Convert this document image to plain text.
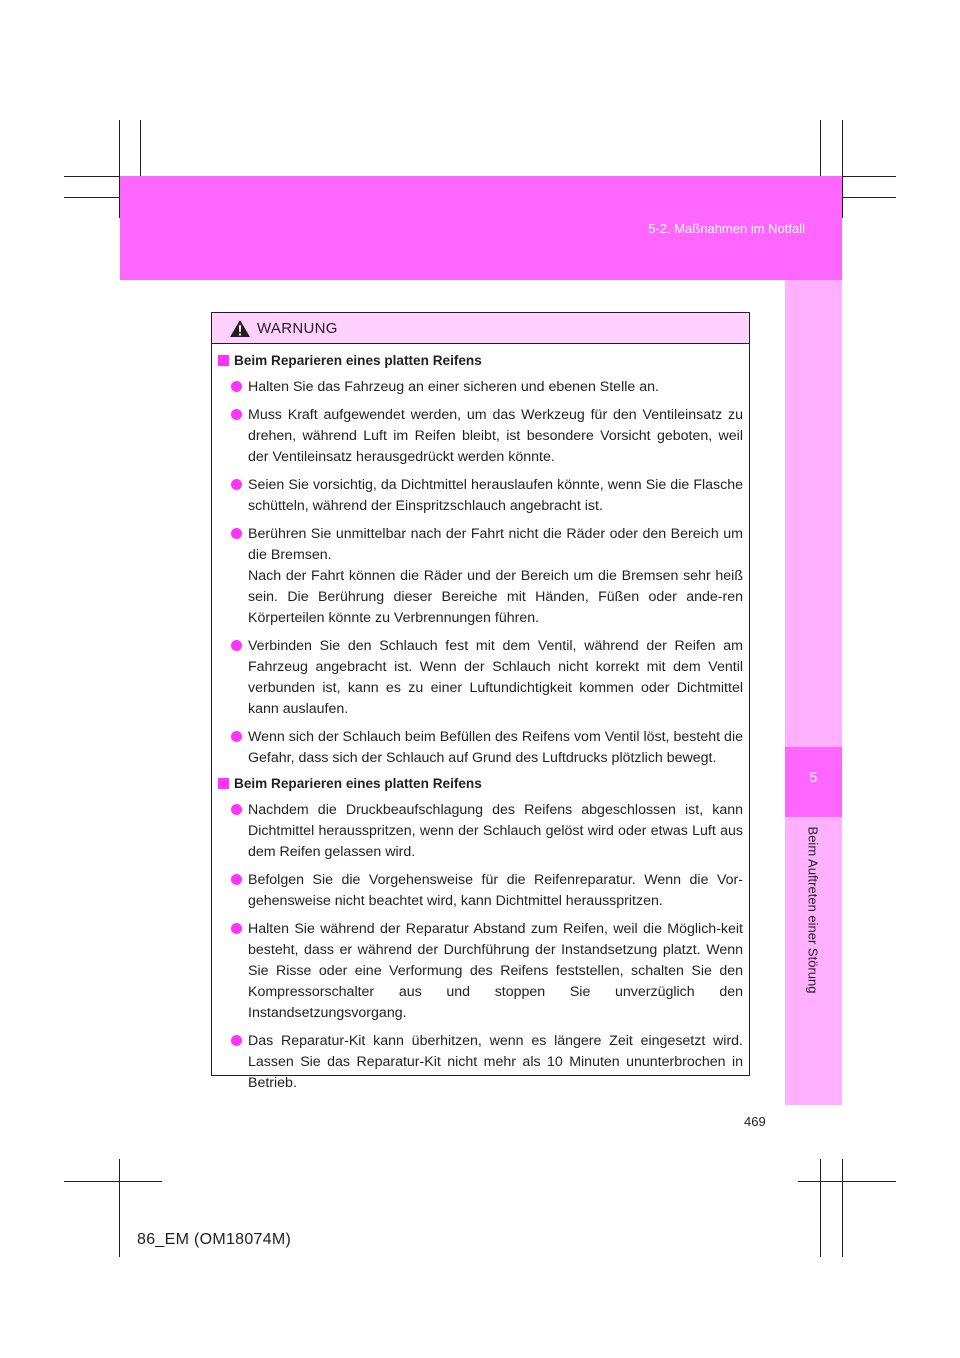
5-2. Maßnahmen im Notfall
5
Beim Auftreten einer Störung
WARNUNG
Beim Reparieren eines platten Reifens
Halten Sie das Fahrzeug an einer sicheren und ebenen Stelle an.
Muss Kraft aufgewendet werden, um das Werkzeug für den Ventileinsatz zu drehen, während Luft im Reifen bleibt, ist besondere Vorsicht geboten, weil der Ventileinsatz herausgedrückt werden könnte.
Seien Sie vorsichtig, da Dichtmittel herauslaufen könnte, wenn Sie die Flasche schütteln, während der Einspritzschlauch angebracht ist.
Berühren Sie unmittelbar nach der Fahrt nicht die Räder oder den Bereich um die Bremsen.
Nach der Fahrt können die Räder und der Bereich um die Bremsen sehr heiß sein. Die Berührung dieser Bereiche mit Händen, Füßen oder ande-ren Körperteilen könnte zu Verbrennungen führen.
Verbinden Sie den Schlauch fest mit dem Ventil, während der Reifen am Fahrzeug angebracht ist. Wenn der Schlauch nicht korrekt mit dem Ventil verbunden ist, kann es zu einer Luftundichtigkeit kommen oder Dichtmittel kann auslaufen.
Wenn sich der Schlauch beim Befüllen des Reifens vom Ventil löst, besteht die Gefahr, dass sich der Schlauch auf Grund des Luftdrucks plötzlich bewegt.
Beim Reparieren eines platten Reifens
Nachdem die Druckbeaufschlagung des Reifens abgeschlossen ist, kann Dichtmittel herausspritzen, wenn der Schlauch gelöst wird oder etwas Luft aus dem Reifen gelassen wird.
Befolgen Sie die Vorgehensweise für die Reifenreparatur. Wenn die Vor-gehensweise nicht beachtet wird, kann Dichtmittel herausspritzen.
Halten Sie während der Reparatur Abstand zum Reifen, weil die Möglich-keit besteht, dass er während der Durchführung der Instandsetzung platzt. Wenn Sie Risse oder eine Verformung des Reifens feststellen, schalten Sie den Kompressorschalter aus und stoppen Sie unverzüglich den Instandsetzungsvorgang.
Das Reparatur-Kit kann überhitzen, wenn es längere Zeit eingesetzt wird. Lassen Sie das Reparatur-Kit nicht mehr als 10 Minuten ununterbrochen in Betrieb.
469
86_EM (OM18074M)
